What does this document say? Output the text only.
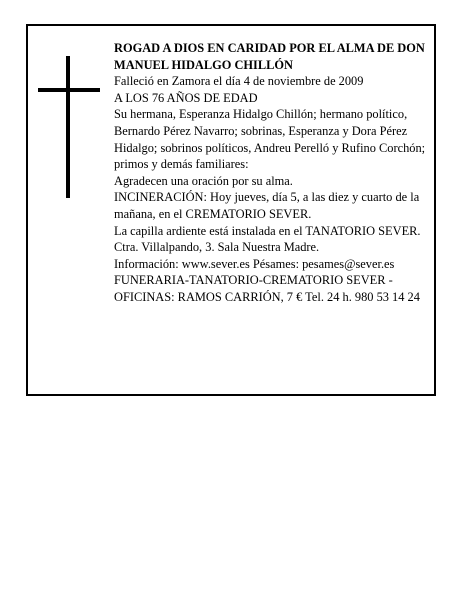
ROGAD A DIOS EN CARIDAD POR EL ALMA DE DON MANUEL HIDALGO CHILLÓN

Falleció en Zamora el día 4 de noviembre de 2009

A LOS 76 AÑOS DE EDAD

Su hermana, Esperanza Hidalgo Chillón; hermano político, Bernardo Pérez Navarro; sobrinas, Esperanza y Dora Pérez Hidalgo; sobrinos políticos, Andreu Perelló y Rufino Corchón; primos y demás familiares:

Agradecen una oración por su alma.

INCINERACIÓN: Hoy jueves, día 5, a las diez y cuarto de la mañana, en el CREMATORIO SEVER.

La capilla ardiente está instalada en el TANATORIO SEVER. Ctra. Villalpando, 3. Sala Nuestra Madre.

Información: www.sever.es Pésames: pesames@sever.es

FUNERARIA-TANATORIO-CREMATORIO SEVER - OFICINAS: RAMOS CARRIÓN, 7 € Tel. 24 h. 980 53 14 24
